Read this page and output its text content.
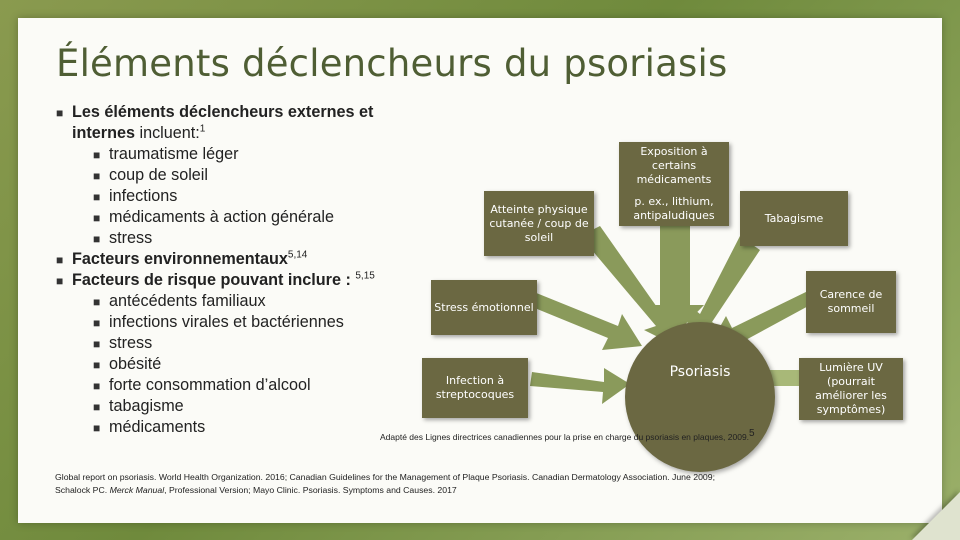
Éléments déclencheurs du psoriasis
■ Les éléments déclencheurs externes et
internes incluent:$^1$
■ traumatisme léger
■ coup de soleil
■ infections
■ médicaments à action générale
■ stress
■ Facteurs environnementaux$^{5,14}$
■ Facteurs de risque pouvant inclure : $^{5,15}$
■ antécédents familiaux
■ infections virales et bactériennes
■ stress
■ obésité
■ forte consommation d’alcool
■ tabagisme
■ médicaments
Atteinte physique cutanée / coup de soleil
Exposition à certains médicaments
p. ex., lithium, antipaludiques	Tabagisme
Stress émotionnel
Carence de sommeil
Infection à streptocoques
Lumière UV (pourrait améliorer les symptômes)
Psoriasis
Adapté des Lignes directrices canadiennes pour la prise en charge du psoriasis en plaques, 2009.$^5$
Global report on psoriasis. World Health Organization. 2016; Canadian Guidelines for the Management of Plaque Psoriasis. Canadian Dermatology Association. June 2009;
Schalock PC. Merck Manual, Professional Version; Mayo Clinic. Psoriasis. Symptoms and Causes. 2017
